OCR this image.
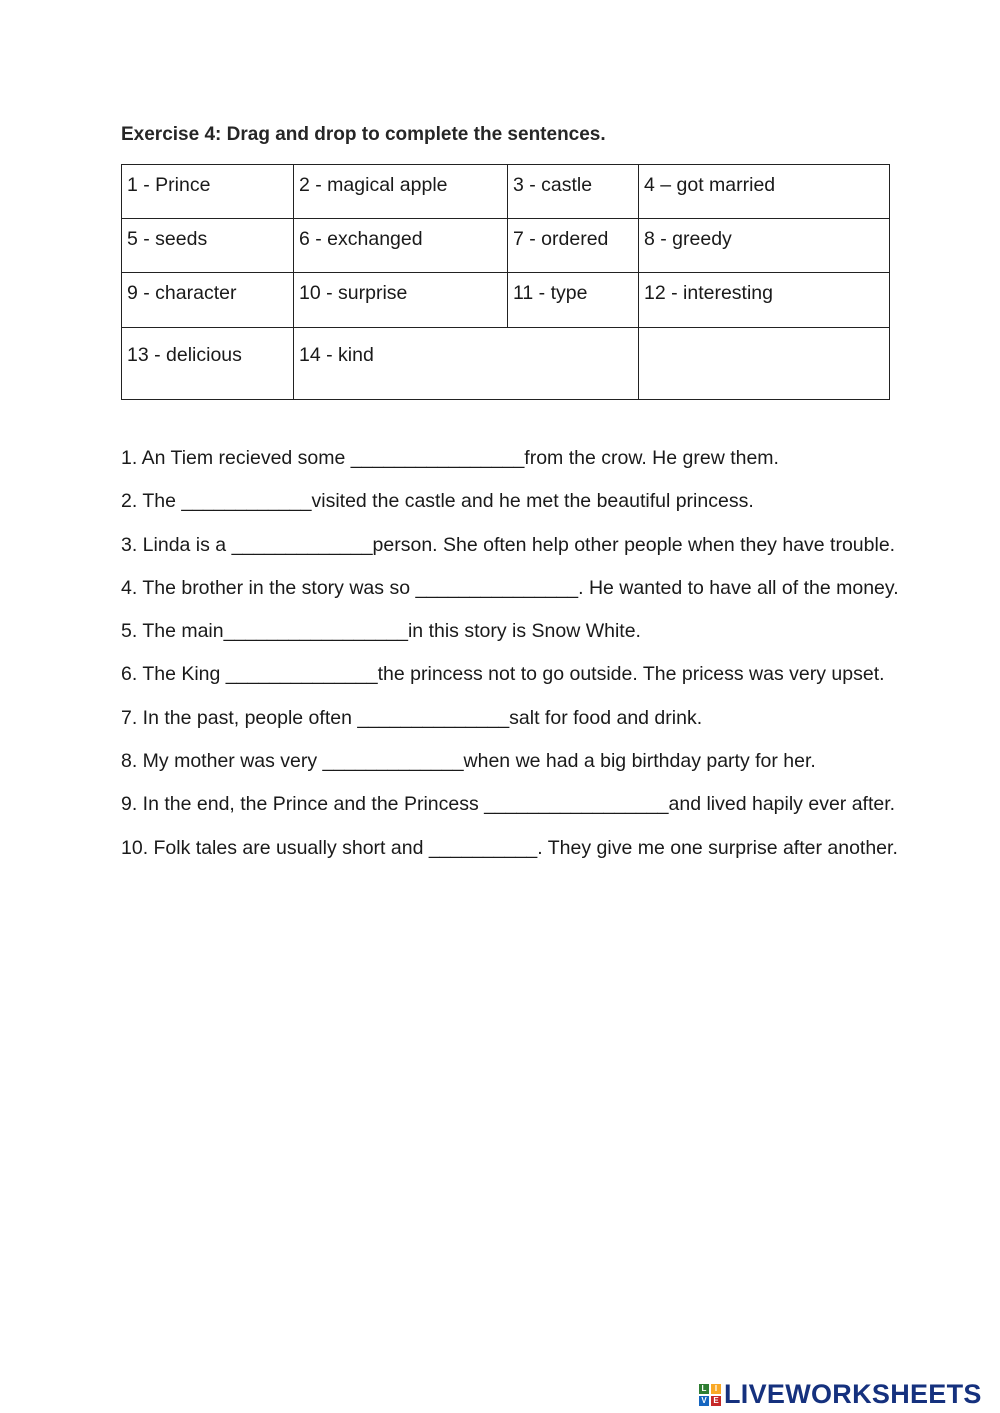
Exercise 4: Drag and drop to complete the sentences.
1 - Prince	2 - magical apple	3 - castle	4 – got married
5 - seeds	6 - exchanged	7 - ordered	8 - greedy
9 - character	10 - surprise	11 - type	12 - interesting
13 - delicious	14 - kind		
1. An Tiem recieved some ________________from the crow. He grew them.
2. The ____________visited the castle and he met the beautiful princess.
3. Linda is a _____________person. She often help other people when they have trouble.
4. The brother in the story was so _______________. He wanted to have all of the money.
5. The main_________________in this story is Snow White.
6. The King ______________the princess not to go outside. The pricess was very upset.
7. In the past, people often ______________salt for food and drink.
8. My mother was very _____________when we had a big birthday party for her.
9. In the end, the Prince and the Princess _________________and lived hapily ever after.
10. Folk tales are usually short and __________. They give me one surprise after another.
L	I
V E LIVEWORKSHEETS
